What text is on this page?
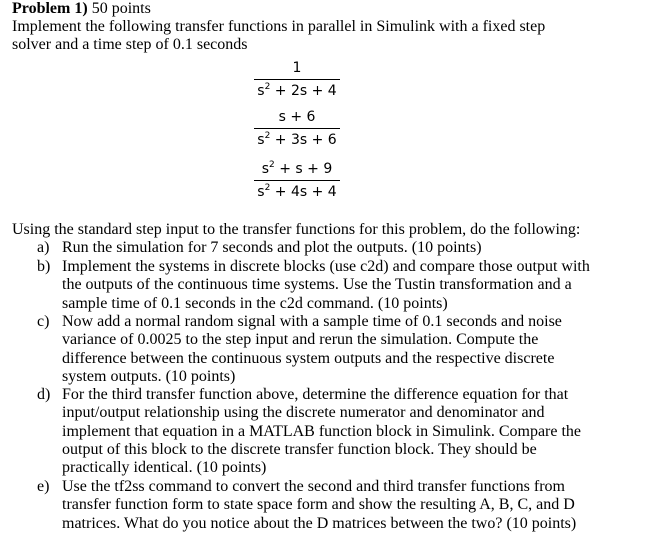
Problem 1) 50 points
Implement the following transfer functions in parallel in Simulink with a fixed step
solver and a time step of 0.1 seconds
1
$s^2 + 2s + 4$
s + 6
$s^2 + 3s + 6$
$s^2 + s + 9$
$s^2 + 4s + 4$
Using the standard step input to the transfer functions for this problem, do the following:
a) Run the simulation for 7 seconds and plot the outputs. (10 points)
b) Implement the systems in discrete blocks (use c2d) and compare those output with
the outputs of the continuous time systems. Use the Tustin transformation and a
sample time of 0.1 seconds in the c2d command. (10 points)
c) Now add a normal random signal with a sample time of 0.1 seconds and noise
variance of 0.0025 to the step input and rerun the simulation. Compute the
difference between the continuous system outputs and the respective discrete
system outputs. (10 points)
d) For the third transfer function above, determine the difference equation for that
input/output relationship using the discrete numerator and denominator and
implement that equation in a MATLAB function block in Simulink. Compare the
output of this block to the discrete transfer function block. They should be
practically identical. (10 points)
e) Use the tf2ss command to convert the second and third transfer functions from
transfer function form to state space form and show the resulting A, B, C, and D
matrices. What do you notice about the D matrices between the two? (10 points)
